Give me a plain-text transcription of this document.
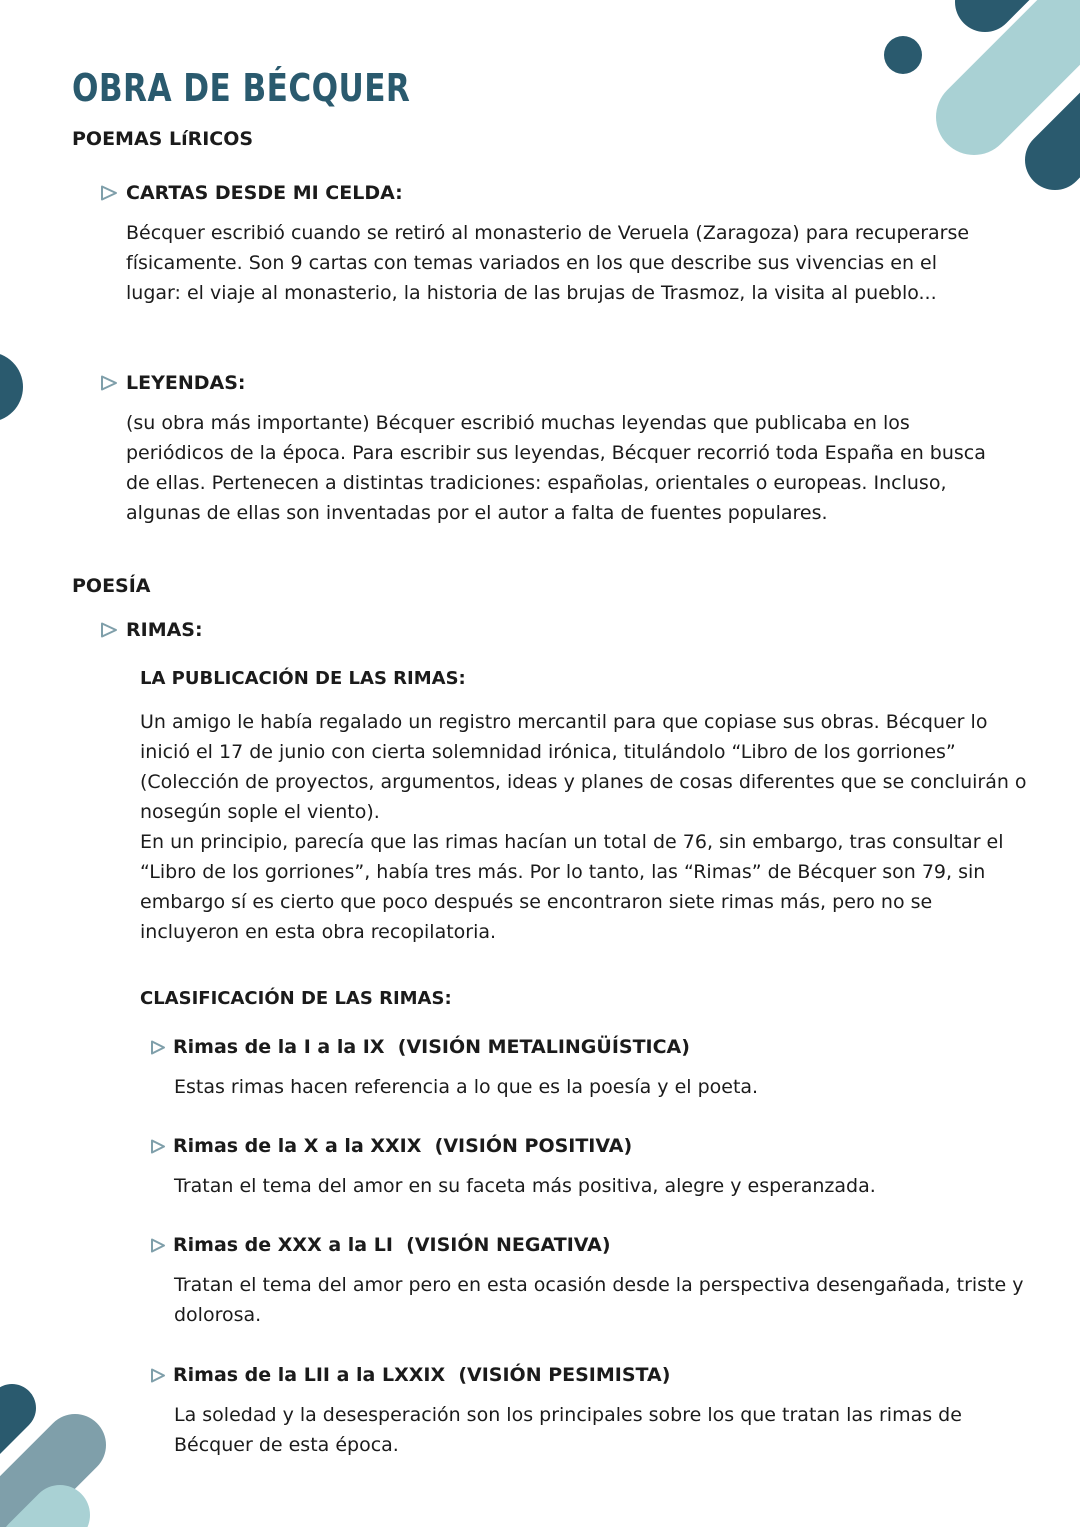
OBRA DE BÉCQUER
POEMAS LíRICOS
CARTAS DESDE MI CELDA:

Bécquer escribió cuando se retiró al monasterio de Veruela (Zaragoza) para recuperarse físicamente. Son 9 cartas con temas variados en los que describe sus vivencias en el lugar: el viaje al monasterio, la historia de las brujas de Trasmoz, la visita al pueblo...

LEYENDAS:

(su obra más importante) Bécquer escribió muchas leyendas que publicaba en los periódicos de la época. Para escribir sus leyendas, Bécquer recorrió toda España en busca de ellas. Pertenecen a distintas tradiciones: españolas, orientales o europeas. Incluso, algunas de ellas son inventadas por el autor a falta de fuentes populares.

POESÍA
RIMAS:
LA PUBLICACIÓN DE LAS RIMAS:

Un amigo le había regalado un registro mercantil para que copiase sus obras. Bécquer lo inició el 17 de junio con cierta solemnidad irónica, titulándolo “Libro de los gorriones” (Colección de proyectos, argumentos, ideas y planes de cosas diferentes que se concluirán o nosegún sople el viento).

En un principio, parecía que las rimas hacían un total de 76, sin embargo, tras consultar el “Libro de los gorriones”, había tres más. Por lo tanto, las “Rimas” de Bécquer son 79, sin embargo sí es cierto que poco después se encontraron siete rimas más, pero no se incluyeron en esta obra recopilatoria.

CLASIFICACIÓN DE LAS RIMAS:
Rimas de la I a la IX
(VISIÓN METALINGÜÍSTICA)

Estas rimas hacen referencia a lo que es la poesía y el poeta.

Rimas de la X a la XXIX
(VISIÓN POSITIVA)

Tratan el tema del amor en su faceta más positiva, alegre y esperanzada.

Rimas de XXX a la LI
(VISIÓN NEGATIVA)

Tratan el tema del amor pero en esta ocasión desde la perspectiva desengañada, triste y dolorosa.

Rimas de la LII a la LXXIX
(VISIÓN PESIMISTA)

La soledad y la desesperación son los principales sobre los que tratan las rimas de Bécquer de esta época.
